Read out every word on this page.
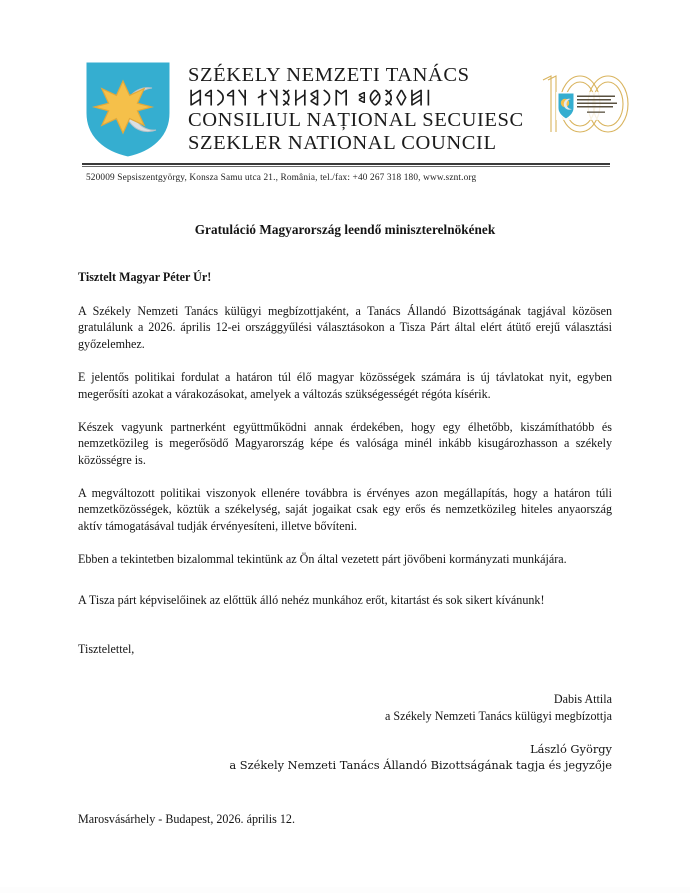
SZÉKELY NEMZETI TANÁCS
𐲥𐲯𐲓𐲉𐲗𐳘 𐲮𐲙𐲘𐲢𐲉𐲦𐲐 𐲦𐲀𐲙𐲀𐲆
CONSILIUL NAȚIONAL SECUIESC
SZEKLER NATIONAL COUNCIL
520009 Sepsiszentgyörgy, Konsza Samu utca 21., România, tel./fax: +40 267 318 180, www.sznt.org
Gratuláció Magyarország leendő miniszterelnökének
Tisztelt Magyar Péter Úr!

A Székely Nemzeti Tanács külügyi megbízottjaként, a Tanács Állandó Bizottságának tagjával közösen gratulálunk a 2026. április 12-ei országgyűlési választásokon a Tisza Párt által elért átütő erejű választási győzelemhez.

E jelentős politikai fordulat a határon túl élő magyar közösségek számára is új távlatokat nyit, egyben megerősíti azokat a várakozásokat, amelyek a változás szükségességét régóta kísérik.

Készek vagyunk partnerként együttműködni annak érdekében, hogy egy élhetőbb, kiszámíthatóbb és nemzetközileg is megerősödő Magyarország képe és valósága minél inkább kisugározhasson a székely közösségre is.

A megváltozott politikai viszonyok ellenére továbbra is érvényes azon megállapítás, hogy a határon túli nemzetközösségek, köztük a székelység, saját jogaikat csak egy erős és nemzetközileg hiteles anyaország aktív támogatásával tudják érvényesíteni, illetve bővíteni.

Ebben a tekintetben bizalommal tekintünk az Ön által vezetett párt jövőbeni kormányzati munkájára.

A Tisza párt képviselőinek az előttük álló nehéz munkához erőt, kitartást és sok sikert kívánunk!

Tisztelettel,

Dabis Attila
a Székely Nemzeti Tanács külügyi megbízottja
László György
a Székely Nemzeti Tanács Állandó Bizottságának tagja és jegyzője
Marosvásárhely - Budapest, 2026. április 12.
